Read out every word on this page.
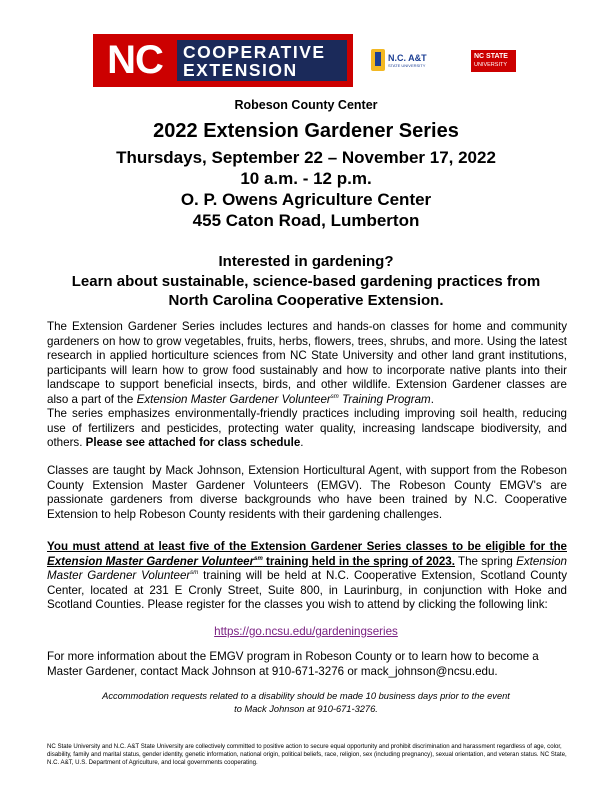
NC	COOPERATIVE
EXTENSION
N.C. A&T
STATE UNIVERSITY
NC STATE
UNIVERSITY
Robeson County Center
2022 Extension Gardener Series
Thursdays, September 22 – November 17, 2022
10 a.m. - 12 p.m.
O. P. Owens Agriculture Center
455 Caton Road, Lumberton
Interested in gardening?
Learn about sustainable, science-based gardening practices from
North Carolina Cooperative Extension.
The Extension Gardener Series includes lectures and hands-on classes for home and community gardeners on how to grow vegetables, fruits, herbs, flowers, trees, shrubs, and more. Using the latest research in applied horticulture sciences from NC State University and other land grant institutions, participants will learn how to grow food sustainably and how to incorporate native plants into their landscape to support beneficial insects, birds, and other wildlife. Extension Gardener classes are also a part of the Extension Master Gardener Volunteer$^{sm}$ Training Program.
The series emphasizes environmentally-friendly practices including improving soil health, reducing use of fertilizers and pesticides, protecting water quality, increasing landscape biodiversity, and others. Please see attached for class schedule.
Classes are taught by Mack Johnson, Extension Horticultural Agent, with support from the Robeson County Extension Master Gardener Volunteers (EMGV). The Robeson County EMGV's are passionate gardeners from diverse backgrounds who have been trained by N.C. Cooperative Extension to help Robeson County residents with their gardening challenges.
You must attend at least five of the Extension Gardener Series classes to be eligible for the Extension Master Gardener Volunteer$^{sm}$ training held in the spring of 2023. The spring Extension Master Gardener Volunteer$^{sm}$ training will be held at N.C. Cooperative Extension, Scotland County Center, located at 231 E Cronly Street, Suite 800, in Laurinburg, in conjunction with Hoke and Scotland Counties. Please register for the classes you wish to attend by clicking the following link:
https://go.ncsu.edu/gardeningseries
For more information about the EMGV program in Robeson County or to learn how to become a Master Gardener, contact Mack Johnson at 910-671-3276 or mack_johnson@ncsu.edu.
Accommodation requests related to a disability should be made 10 business days prior to the event
to Mack Johnson at 910-671-3276.
NC State University and N.C. A&T State University are collectively committed to positive action to secure equal opportunity and prohibit discrimination and harassment regardless of age, color, disability, family and marital status, gender identity, genetic information, national origin, political beliefs, race, religion, sex (including pregnancy), sexual orientation, and veteran status. NC State, N.C. A&T, U.S. Department of Agriculture, and local governments cooperating.
